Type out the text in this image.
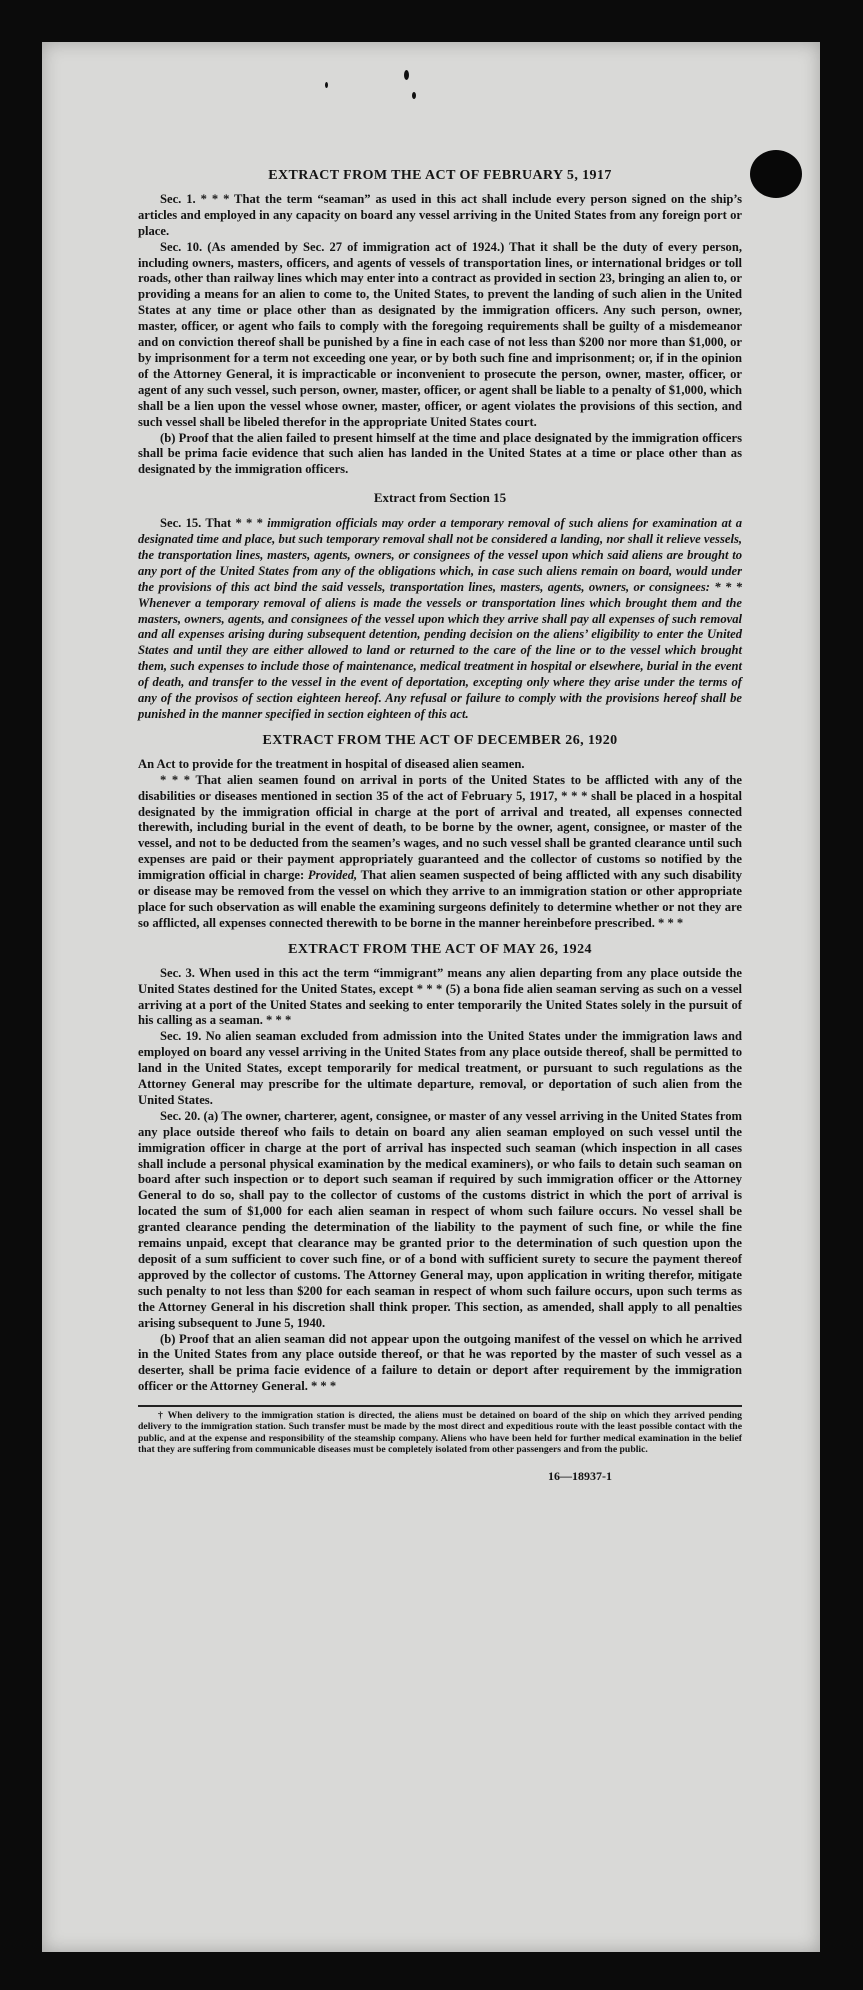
EXTRACT FROM THE ACT OF FEBRUARY 5, 1917

Sec. 1. * * * That the term “seaman” as used in this act shall include every person signed on the ship’s articles and employed in any capacity on board any vessel arriving in the United States from any foreign port or place.

Sec. 10. (As amended by Sec. 27 of immigration act of 1924.) That it shall be the duty of every person, including owners, masters, officers, and agents of vessels of transportation lines, or international bridges or toll roads, other than railway lines which may enter into a contract as provided in section 23, bringing an alien to, or providing a means for an alien to come to, the United States, to prevent the landing of such alien in the United States at any time or place other than as designated by the immigration officers. Any such person, owner, master, officer, or agent who fails to comply with the foregoing requirements shall be guilty of a misdemeanor and on conviction thereof shall be punished by a fine in each case of not less than $200 nor more than $1,000, or by imprisonment for a term not exceeding one year, or by both such fine and imprisonment; or, if in the opinion of the Attorney General, it is impracticable or inconvenient to prosecute the person, owner, master, officer, or agent of any such vessel, such person, owner, master, officer, or agent shall be liable to a penalty of $1,000, which shall be a lien upon the vessel whose owner, master, officer, or agent violates the provisions of this section, and such vessel shall be libeled therefor in the appropriate United States court.

(b) Proof that the alien failed to present himself at the time and place designated by the immigration officers shall be prima facie evidence that such alien has landed in the United States at a time or place other than as designated by the immigration officers.

Extract from Section 15

Sec. 15. That * * * immigration officials may order a temporary removal of such aliens for examination at a designated time and place, but such temporary removal shall not be considered a landing, nor shall it relieve vessels, the transportation lines, masters, agents, owners, or consignees of the vessel upon which said aliens are brought to any port of the United States from any of the obligations which, in case such aliens remain on board, would under the provisions of this act bind the said vessels, transportation lines, masters, agents, owners, or consignees: * * * Whenever a temporary removal of aliens is made the vessels or transportation lines which brought them and the masters, owners, agents, and consignees of the vessel upon which they arrive shall pay all expenses of such removal and all expenses arising during subsequent detention, pending decision on the aliens’ eligibility to enter the United States and until they are either allowed to land or returned to the care of the line or to the vessel which brought them, such expenses to include those of maintenance, medical treatment in hospital or elsewhere, burial in the event of death, and transfer to the vessel in the event of deportation, excepting only where they arise under the terms of any of the provisos of section eighteen hereof. Any refusal or failure to comply with the provisions hereof shall be punished in the manner specified in section eighteen of this act.

EXTRACT FROM THE ACT OF DECEMBER 26, 1920

An Act to provide for the treatment in hospital of diseased alien seamen.

* * * That alien seamen found on arrival in ports of the United States to be afflicted with any of the disabilities or diseases mentioned in section 35 of the act of February 5, 1917, * * * shall be placed in a hospital designated by the immigration official in charge at the port of arrival and treated, all expenses connected therewith, including burial in the event of death, to be borne by the owner, agent, consignee, or master of the vessel, and not to be deducted from the seamen’s wages, and no such vessel shall be granted clearance until such expenses are paid or their payment appropriately guaranteed and the collector of customs so notified by the immigration official in charge: Provided, That alien seamen suspected of being afflicted with any such disability or disease may be removed from the vessel on which they arrive to an immigration station or other appropriate place for such observation as will enable the examining surgeons definitely to determine whether or not they are so afflicted, all expenses connected therewith to be borne in the manner hereinbefore prescribed. * * *

EXTRACT FROM THE ACT OF MAY 26, 1924

Sec. 3. When used in this act the term “immigrant” means any alien departing from any place outside the United States destined for the United States, except * * * (5) a bona fide alien seaman serving as such on a vessel arriving at a port of the United States and seeking to enter temporarily the United States solely in the pursuit of his calling as a seaman. * * *

Sec. 19. No alien seaman excluded from admission into the United States under the immigration laws and employed on board any vessel arriving in the United States from any place outside thereof, shall be permitted to land in the United States, except temporarily for medical treatment, or pursuant to such regulations as the Attorney General may prescribe for the ultimate departure, removal, or deportation of such alien from the United States.

Sec. 20. (a) The owner, charterer, agent, consignee, or master of any vessel arriving in the United States from any place outside thereof who fails to detain on board any alien seaman employed on such vessel until the immigration officer in charge at the port of arrival has inspected such seaman (which inspection in all cases shall include a personal physical examination by the medical examiners), or who fails to detain such seaman on board after such inspection or to deport such seaman if required by such immigration officer or the Attorney General to do so, shall pay to the collector of customs of the customs district in which the port of arrival is located the sum of $1,000 for each alien seaman in respect of whom such failure occurs. No vessel shall be granted clearance pending the determination of the liability to the payment of such fine, or while the fine remains unpaid, except that clearance may be granted prior to the determination of such question upon the deposit of a sum sufficient to cover such fine, or of a bond with sufficient surety to secure the payment thereof approved by the collector of customs. The Attorney General may, upon application in writing therefor, mitigate such penalty to not less than $200 for each seaman in respect of whom such failure occurs, upon such terms as the Attorney General in his discretion shall think proper. This section, as amended, shall apply to all penalties arising subsequent to June 5, 1940.

(b) Proof that an alien seaman did not appear upon the outgoing manifest of the vessel on which he arrived in the United States from any place outside thereof, or that he was reported by the master of such vessel as a deserter, shall be prima facie evidence of a failure to detain or deport after requirement by the immigration officer or the Attorney General. * * *

† When delivery to the immigration station is directed, the aliens must be detained on board of the ship on which they arrived pending delivery to the immigration station. Such transfer must be made by the most direct and expeditious route with the least possible contact with the public, and at the expense and responsibility of the steamship company. Aliens who have been held for further medical examination in the belief that they are suffering from communicable diseases must be completely isolated from other passengers and from the public.

16—18937-1
